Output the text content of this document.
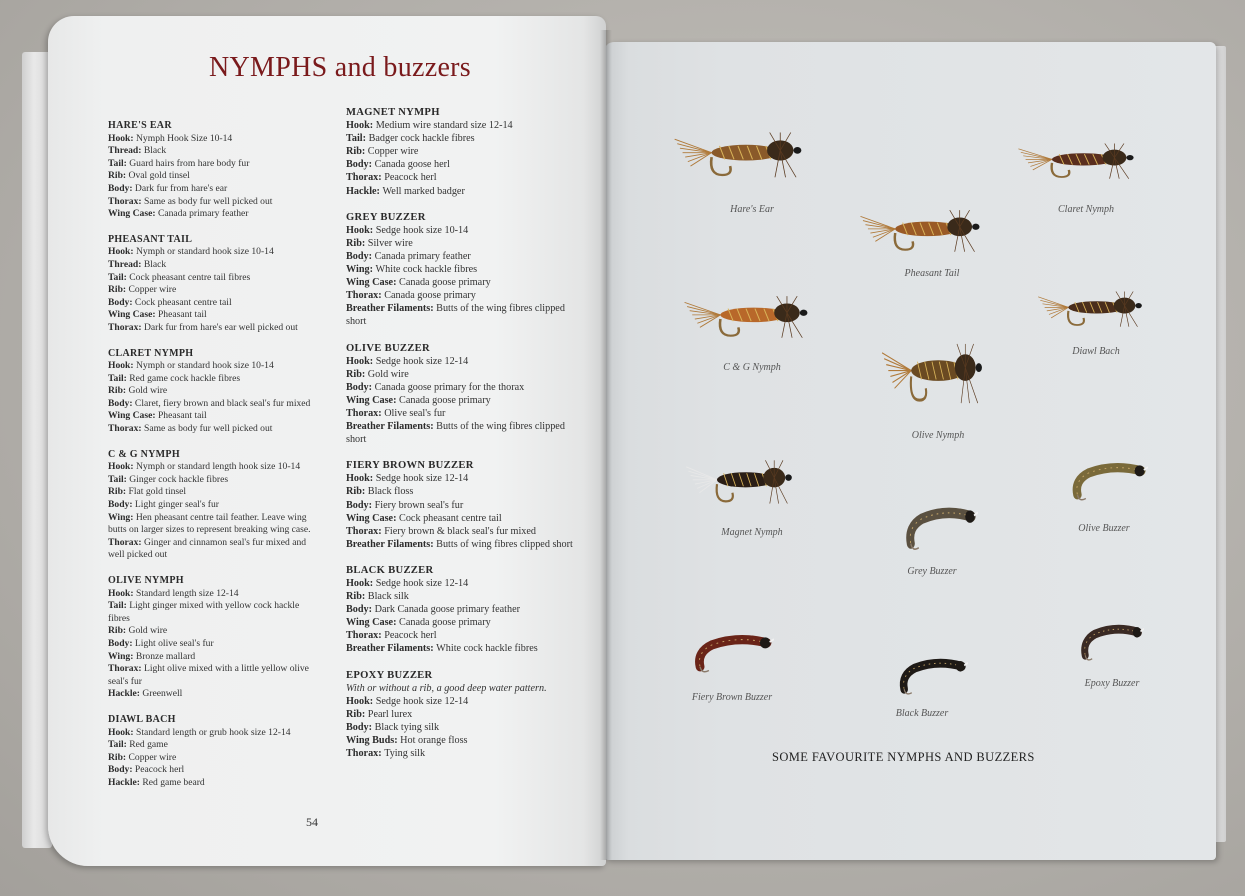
NYMPHS and buzzers
HARE'S EAR
Hook: Nymph Hook Size 10-14
Thread: Black
Tail: Guard hairs from hare body fur
Rib: Oval gold tinsel
Body: Dark fur from hare's ear
Thorax: Same as body fur well picked out
Wing Case: Canada primary feather
PHEASANT TAIL
Hook: Nymph or standard hook size 10-14
Thread: Black
Tail: Cock pheasant centre tail fibres
Rib: Copper wire
Body: Cock pheasant centre tail
Wing Case: Pheasant tail
Thorax: Dark fur from hare's ear well picked out
CLARET NYMPH
Hook: Nymph or standard hook size 10-14
Tail: Red game cock hackle fibres
Rib: Gold wire
Body: Claret, fiery brown and black seal's fur mixed
Wing Case: Pheasant tail
Thorax: Same as body fur well picked out
C & G NYMPH
Hook: Nymph or standard length hook size 10-14
Tail: Ginger cock hackle fibres
Rib: Flat gold tinsel
Body: Light ginger seal's fur
Wing: Hen pheasant centre tail feather. Leave wing butts on larger sizes to represent breaking wing case.
Thorax: Ginger and cinnamon seal's fur mixed and well picked out
OLIVE NYMPH
Hook: Standard length size 12-14
Tail: Light ginger mixed with yellow cock hackle fibres
Rib: Gold wire
Body: Light olive seal's fur
Wing: Bronze mallard
Thorax: Light olive mixed with a little yellow olive seal's fur
Hackle: Greenwell
DIAWL BACH
Hook: Standard length or grub hook size 12-14
Tail: Red game
Rib: Copper wire
Body: Peacock herl
Hackle: Red game beard
MAGNET NYMPH
Hook: Medium wire standard size 12-14
Tail: Badger cock hackle fibres
Rib: Copper wire
Body: Canada goose herl
Thorax: Peacock herl
Hackle: Well marked badger
GREY BUZZER
Hook: Sedge hook size 10-14
Rib: Silver wire
Body: Canada primary feather
Wing: White cock hackle fibres
Wing Case: Canada goose primary
Thorax: Canada goose primary
Breather Filaments: Butts of the wing fibres clipped short
OLIVE BUZZER
Hook: Sedge hook size 12-14
Rib: Gold wire
Body: Canada goose primary for the thorax
Wing Case: Canada goose primary
Thorax: Olive seal's fur
Breather Filaments: Butts of the wing fibres clipped short
FIERY BROWN BUZZER
Hook: Sedge hook size 12-14
Rib: Black floss
Body: Fiery brown seal's fur
Wing Case: Cock pheasant centre tail
Thorax: Fiery brown & black seal's fur mixed
Breather Filaments: Butts of wing fibres clipped short
BLACK BUZZER
Hook: Sedge hook size 12-14
Rib: Black silk
Body: Dark Canada goose primary feather
Wing Case: Canada goose primary
Thorax: Peacock herl
Breather Filaments: White cock hackle fibres
EPOXY BUZZER
With or without a rib, a good deep water pattern.
Hook: Sedge hook size 12-14
Rib: Pearl lurex
Body: Black tying silk
Wing Buds: Hot orange floss
Thorax: Tying silk
54
Hare's Ear	Claret Nymph
Pheasant Tail
C & G Nymph
Diawl Bach
Olive Nymph
Magnet Nymph	Olive Buzzer
Grey Buzzer
Fiery Brown Buzzer
Black Buzzer
Epoxy Buzzer
SOME FAVOURITE NYMPHS AND BUZZERS
